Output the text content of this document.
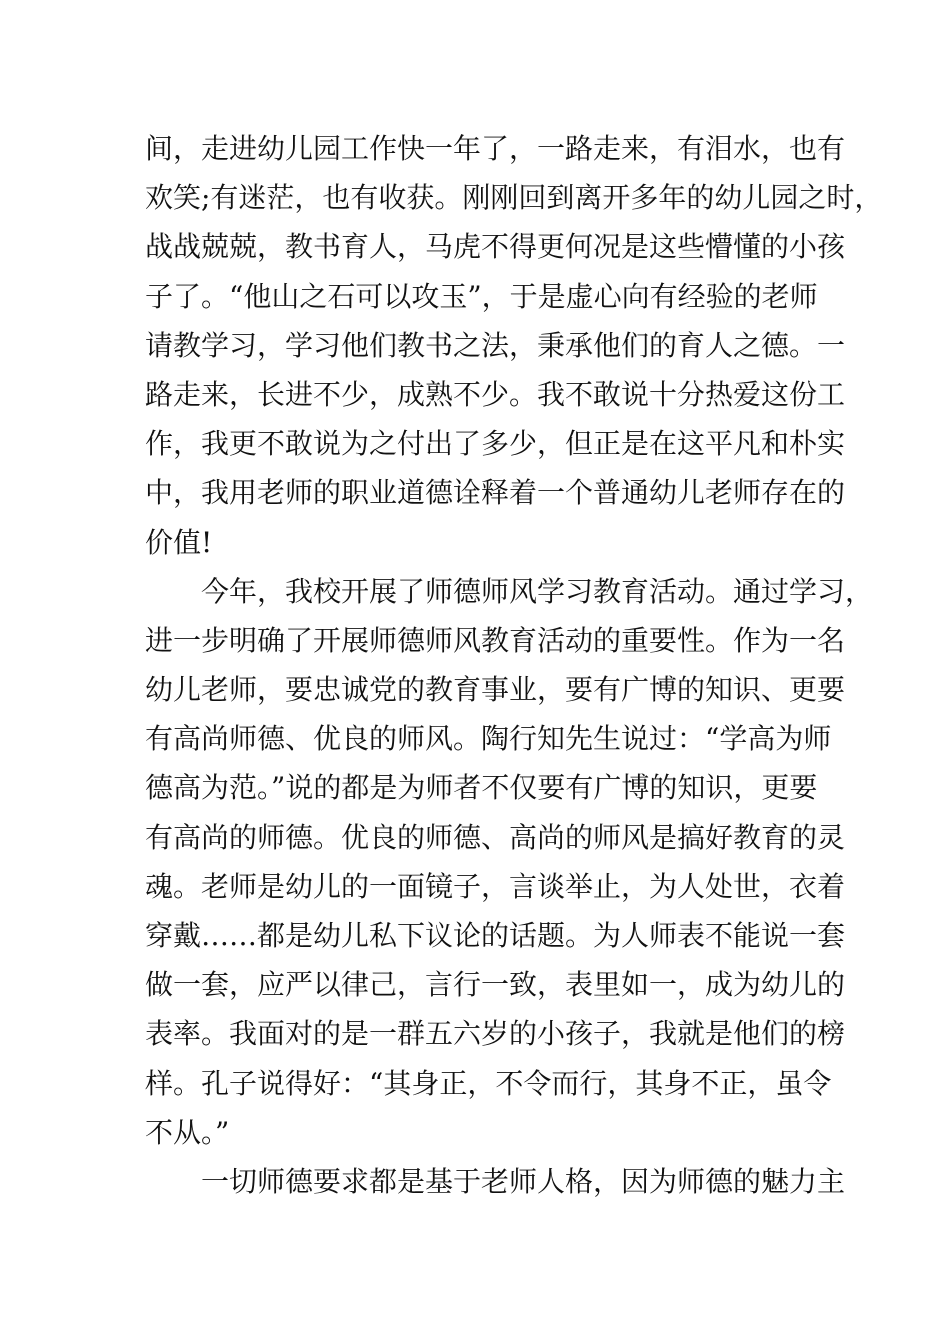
间，走进幼儿园工作快一年了，一路走来，有泪水，也有
欢笑;有迷茫，也有收获。刚刚回到离开多年的幼儿园之时，
战战兢兢，教书育人，马虎不得更何况是这些懵懂的小孩
子了。“他山之石可以攻玉”，于是虚心向有经验的老师
请教学习，学习他们教书之法，秉承他们的育人之德。一
路走来，长进不少，成熟不少。我不敢说十分热爱这份工
作，我更不敢说为之付出了多少，但正是在这平凡和朴实
中，我用老师的职业道德诠释着一个普通幼儿老师存在的
价值!
今年，我校开展了师德师风学习教育活动。通过学习，
进一步明确了开展师德师风教育活动的重要性。作为一名
幼儿老师，要忠诚党的教育事业，要有广博的知识、更要
有高尚师德、优良的师风。陶行知先生说过：“学高为师
德高为范。”说的都是为师者不仅要有广博的知识，更要
有高尚的师德。优良的师德、高尚的师风是搞好教育的灵
魂。老师是幼儿的一面镜子，言谈举止，为人处世，衣着
穿戴……都是幼儿私下议论的话题。为人师表不能说一套
做一套，应严以律己，言行一致，表里如一，成为幼儿的
表率。我面对的是一群五六岁的小孩子，我就是他们的榜
样。孔子说得好：“其身正，不令而行，其身不正，虽令
不从。”
一切师德要求都是基于老师人格，因为师德的魅力主
